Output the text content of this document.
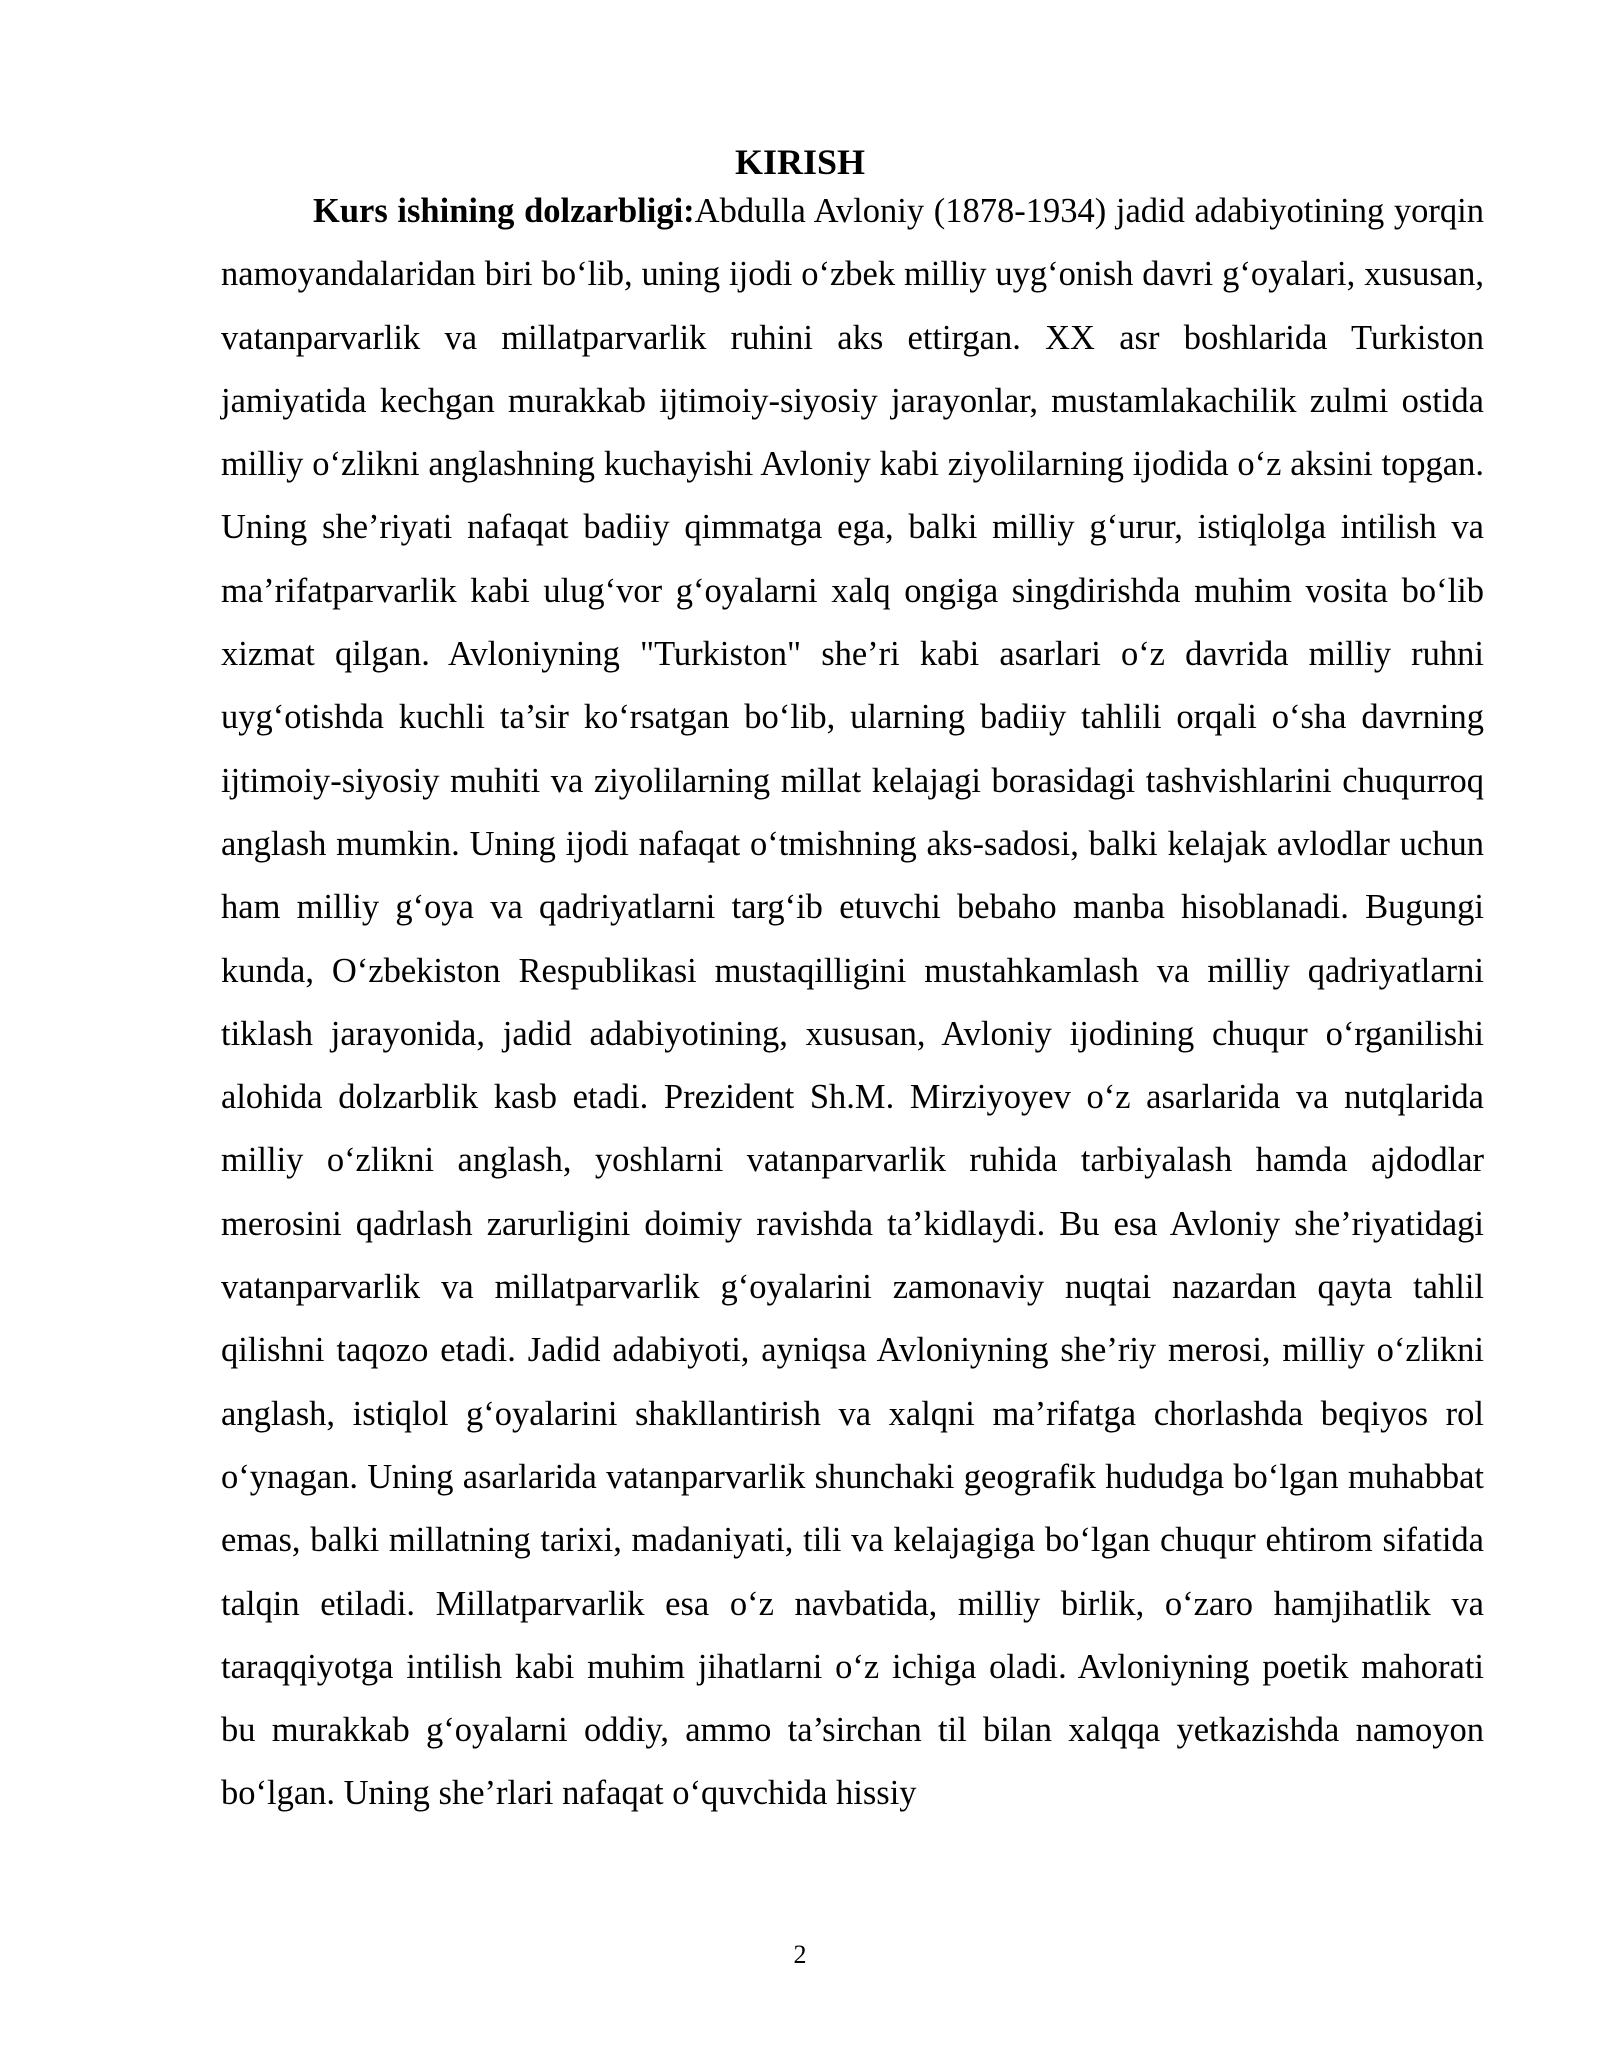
KIRISH

Kurs ishining dolzarbligi:Abdulla Avloniy (1878-1934) jadid adabiyotining yorqin namoyandalaridan biri bo‘lib, uning ijodi o‘zbek milliy uyg‘onish davri g‘oyalari, xususan, vatanparvarlik va millatparvarlik ruhini aks ettirgan. XX asr boshlarida Turkiston jamiyatida kechgan murakkab ijtimoiy-siyosiy jarayonlar, mustamlakachilik zulmi ostida milliy o‘zlikni anglashning kuchayishi Avloniy kabi ziyolilarning ijodida o‘z aksini topgan. Uning she’riyati nafaqat badiiy qimmatga ega, balki milliy g‘urur, istiqlolga intilish va ma’rifatparvarlik kabi ulug‘vor g‘oyalarni xalq ongiga singdirishda muhim vosita bo‘lib xizmat qilgan. Avloniyning "Turkiston" she’ri kabi asarlari o‘z davrida milliy ruhni uyg‘otishda kuchli ta’sir ko‘rsatgan bo‘lib, ularning badiiy tahlili orqali o‘sha davrning ijtimoiy-siyosiy muhiti va ziyolilarning millat kelajagi borasidagi tashvishlarini chuqurroq anglash mumkin. Uning ijodi nafaqat o‘tmishning aks-sadosi, balki kelajak avlodlar uchun ham milliy g‘oya va qadriyatlarni targ‘ib etuvchi bebaho manba hisoblanadi. Bugungi kunda, O‘zbekiston Respublikasi mustaqilligini mustahkamlash va milliy qadriyatlarni tiklash jarayonida, jadid adabiyotining, xususan, Avloniy ijodining chuqur o‘rganilishi alohida dolzarblik kasb etadi. Prezident Sh.M. Mirziyoyev o‘z asarlarida va nutqlarida milliy o‘zlikni anglash, yoshlarni vatanparvarlik ruhida tarbiyalash hamda ajdodlar merosini qadrlash zarurligini doimiy ravishda ta’kidlaydi. Bu esa Avloniy she’riyatidagi vatanparvarlik va millatparvarlik g‘oyalarini zamonaviy nuqtai nazardan qayta tahlil qilishni taqozo etadi. Jadid adabiyoti, ayniqsa Avloniyning she’riy merosi, milliy o‘zlikni anglash, istiqlol g‘oyalarini shakllantirish va xalqni ma’rifatga chorlashda beqiyos rol o‘ynagan. Uning asarlarida vatanparvarlik shunchaki geografik hududga bo‘lgan muhabbat emas, balki millatning tarixi, madaniyati, tili va kelajagiga bo‘lgan chuqur ehtirom sifatida talqin etiladi. Millatparvarlik esa o‘z navbatida, milliy birlik, o‘zaro hamjihatlik va taraqqiyotga intilish kabi muhim jihatlarni o‘z ichiga oladi. Avloniyning poetik mahorati bu murakkab g‘oyalarni oddiy, ammo ta’sirchan til bilan xalqqa yetkazishda namoyon bo‘lgan. Uning she’rlari nafaqat o‘quvchida hissiy

2
